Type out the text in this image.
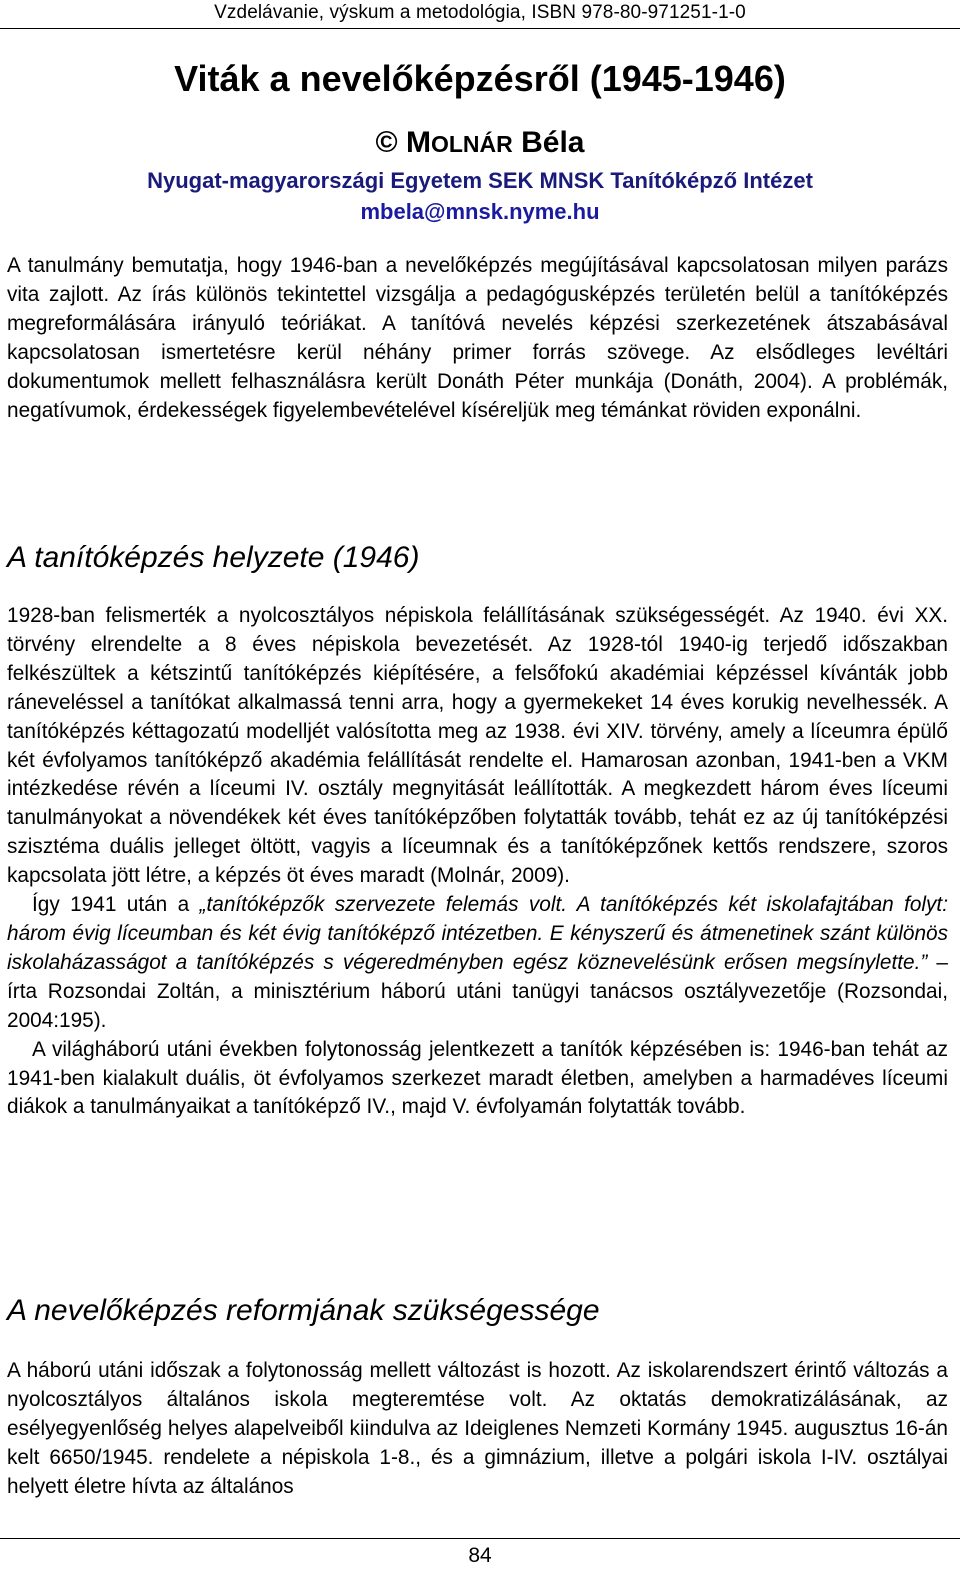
Vzdelávanie, výskum a metodológia, ISBN 978-80-971251-1-0
Viták a nevelőképzésről (1945-1946)
© MOLNÁR Béla
Nyugat-magyarországi Egyetem SEK MNSK Tanítóképző Intézet
mbela@mnsk.nyme.hu

A tanulmány bemutatja, hogy 1946-ban a nevelőképzés megújításával kapcsolatosan milyen parázs vita zajlott. Az írás különös tekintettel vizsgálja a pedagógusképzés területén belül a tanítóképzés megreformálására irányuló teóriákat. A tanítóvá nevelés képzési szerkezetének átszabásával kapcsolatosan ismertetésre kerül néhány primer forrás szövege. Az elsődleges levéltári dokumentumok mellett felhasználásra került Donáth Péter munkája (Donáth, 2004). A problémák, negatívumok, érdekességek figyelembevételével kíséreljük meg témánkat röviden exponálni.

A tanítóképzés helyzete (1946)

1928-ban felismerték a nyolcosztályos népiskola felállításának szükségességét. Az 1940. évi XX. törvény elrendelte a 8 éves népiskola bevezetését. Az 1928-tól 1940-ig terjedő időszakban felkészültek a kétszintű tanítóképzés kiépítésére, a felsőfokú akadémiai képzéssel kívánták jobb ráneveléssel a tanítókat alkalmassá tenni arra, hogy a gyermekeket 14 éves korukig nevelhessék. A tanítóképzés kéttagozatú modelljét valósította meg az 1938. évi XIV. törvény, amely a líceumra épülő két évfolyamos tanítóképző akadémia felállítását rendelte el. Hamarosan azonban, 1941-ben a VKM intézkedése révén a líceumi IV. osztály megnyitását leállították. A megkezdett három éves líceumi tanulmányokat a növendékek két éves tanítóképzőben folytatták tovább, tehát ez az új tanítóképzési szisztéma duális jelleget öltött, vagyis a líceumnak és a tanítóképzőnek kettős rendszere, szoros kapcsolata jött létre, a képzés öt éves maradt (Molnár, 2009).

Így 1941 után a „tanítóképzők szervezete felemás volt. A tanítóképzés két iskolafajtában folyt: három évig líceumban és két évig tanítóképző intézetben. E kényszerű és átmenetinek szánt különös iskolaházasságot a tanítóképzés s végeredményben egész köznevelésünk erősen megsínylette.” – írta Rozsondai Zoltán, a minisztérium háború utáni tanügyi tanácsos osztályvezetője (Rozsondai, 2004:195).

A világháború utáni években folytonosság jelentkezett a tanítók képzésében is: 1946-ban tehát az 1941-ben kialakult duális, öt évfolyamos szerkezet maradt életben, amelyben a harmadéves líceumi diákok a tanulmányaikat a tanítóképző IV., majd V. évfolyamán folytatták tovább.

A nevelőképzés reformjának szükségessége

A háború utáni időszak a folytonosság mellett változást is hozott. Az iskolarendszert érintő változás a nyolcosztályos általános iskola megteremtése volt. Az oktatás demokratizálásának, az esélyegyenlőség helyes alapelveiből kiindulva az Ideiglenes Nemzeti Kormány 1945. augusztus 16-án kelt 6650/1945. rendelete a népiskola 1-8., és a gimnázium, illetve a polgári iskola I-IV. osztályai helyett életre hívta az általános

84
